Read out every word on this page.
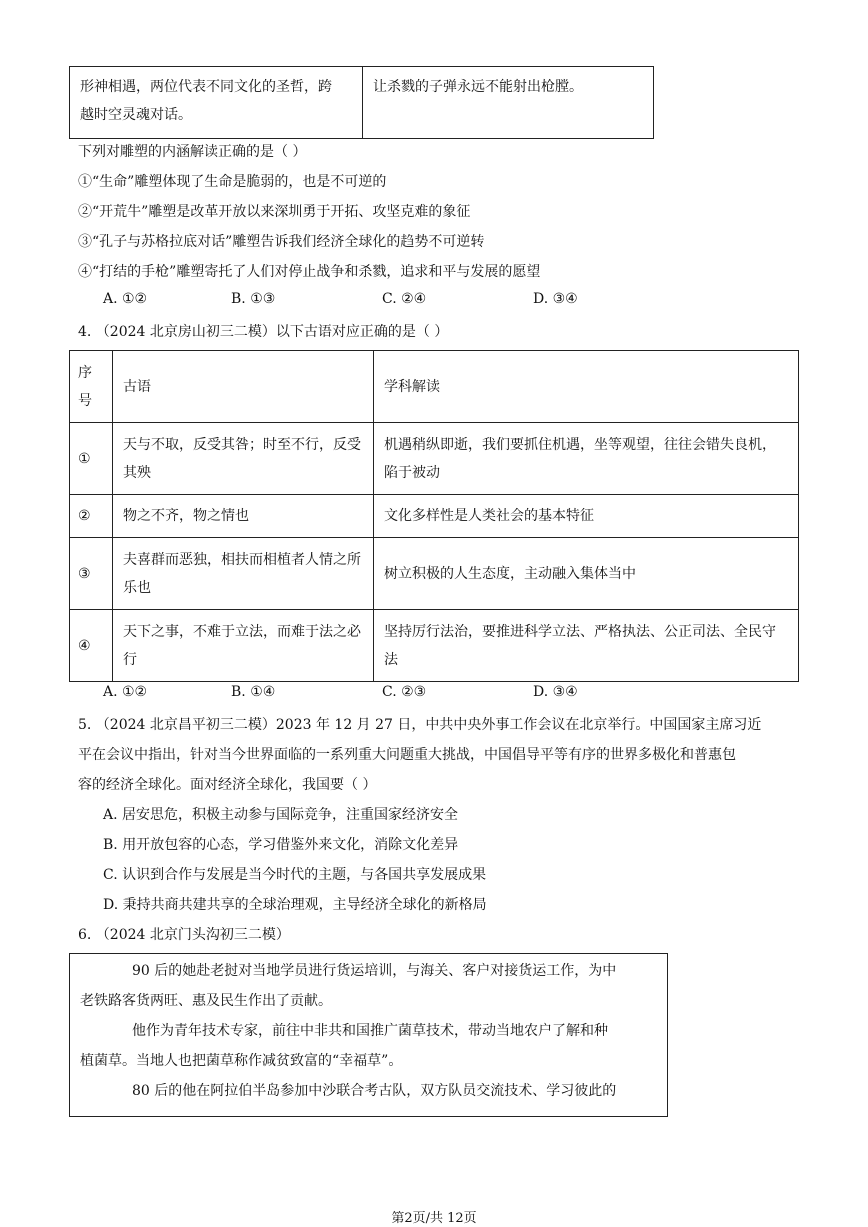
形神相遇，两位代表不同文化的圣哲，跨
越时空灵魂对话。	让杀戮的子弹永远不能射出枪膛。
下列对雕塑的内涵解读正确的是（ ）
①“生命”雕塑体现了生命是脆弱的，也是不可逆的
②“开荒牛”雕塑是改革开放以来深圳勇于开拓、攻坚克难的象征
③“孔子与苏格拉底对话”雕塑告诉我们经济全球化的趋势不可逆转
④“打结的手枪”雕塑寄托了人们对停止战争和杀戮，追求和平与发展的愿望
A. ①②	B. ①③	C. ②④	D. ③④
4. （2024 北京房山初三二模）以下古语对应正确的是（ ）
序
号	古语	学科解读
①	天与不取，反受其咎；时至不行，反受其殃	机遇稍纵即逝，我们要抓住机遇，坐等观望，往往会错失良机，陷于被动
②	物之不齐，物之情也	文化多样性是人类社会的基本特征
③	夫喜群而恶独，相扶而相植者人情之所乐也	树立积极的人生态度，主动融入集体当中
④	天下之事，不难于立法，而难于法之必行	坚持厉行法治，要推进科学立法、严格执法、公正司法、全民守法
A. ①②	B. ①④	C. ②③	D. ③④
5. （2024 北京昌平初三二模）2023 年 12 月 27 日，中共中央外事工作会议在北京举行。中国国家主席习近
平在会议中指出，针对当今世界面临的一系列重大问题重大挑战，中国倡导平等有序的世界多极化和普惠包
容的经济全球化。面对经济全球化，我国要（ ）
A. 居安思危，积极主动参与国际竞争，注重国家经济安全
B. 用开放包容的心态，学习借鉴外来文化，消除文化差异
C. 认识到合作与发展是当今时代的主题，与各国共享发展成果
D. 秉持共商共建共享的全球治理观，主导经济全球化的新格局
6. （2024 北京门头沟初三二模）
90 后的她赴老挝对当地学员进行货运培训，与海关、客户对接货运工作，为中
老铁路客货两旺、惠及民生作出了贡献。
他作为青年技术专家，前往中非共和国推广菌草技术，带动当地农户了解和种
植菌草。当地人也把菌草称作减贫致富的“幸福草”。
80 后的他在阿拉伯半岛参加中沙联合考古队，双方队员交流技术、学习彼此的
第2页/共 12页
